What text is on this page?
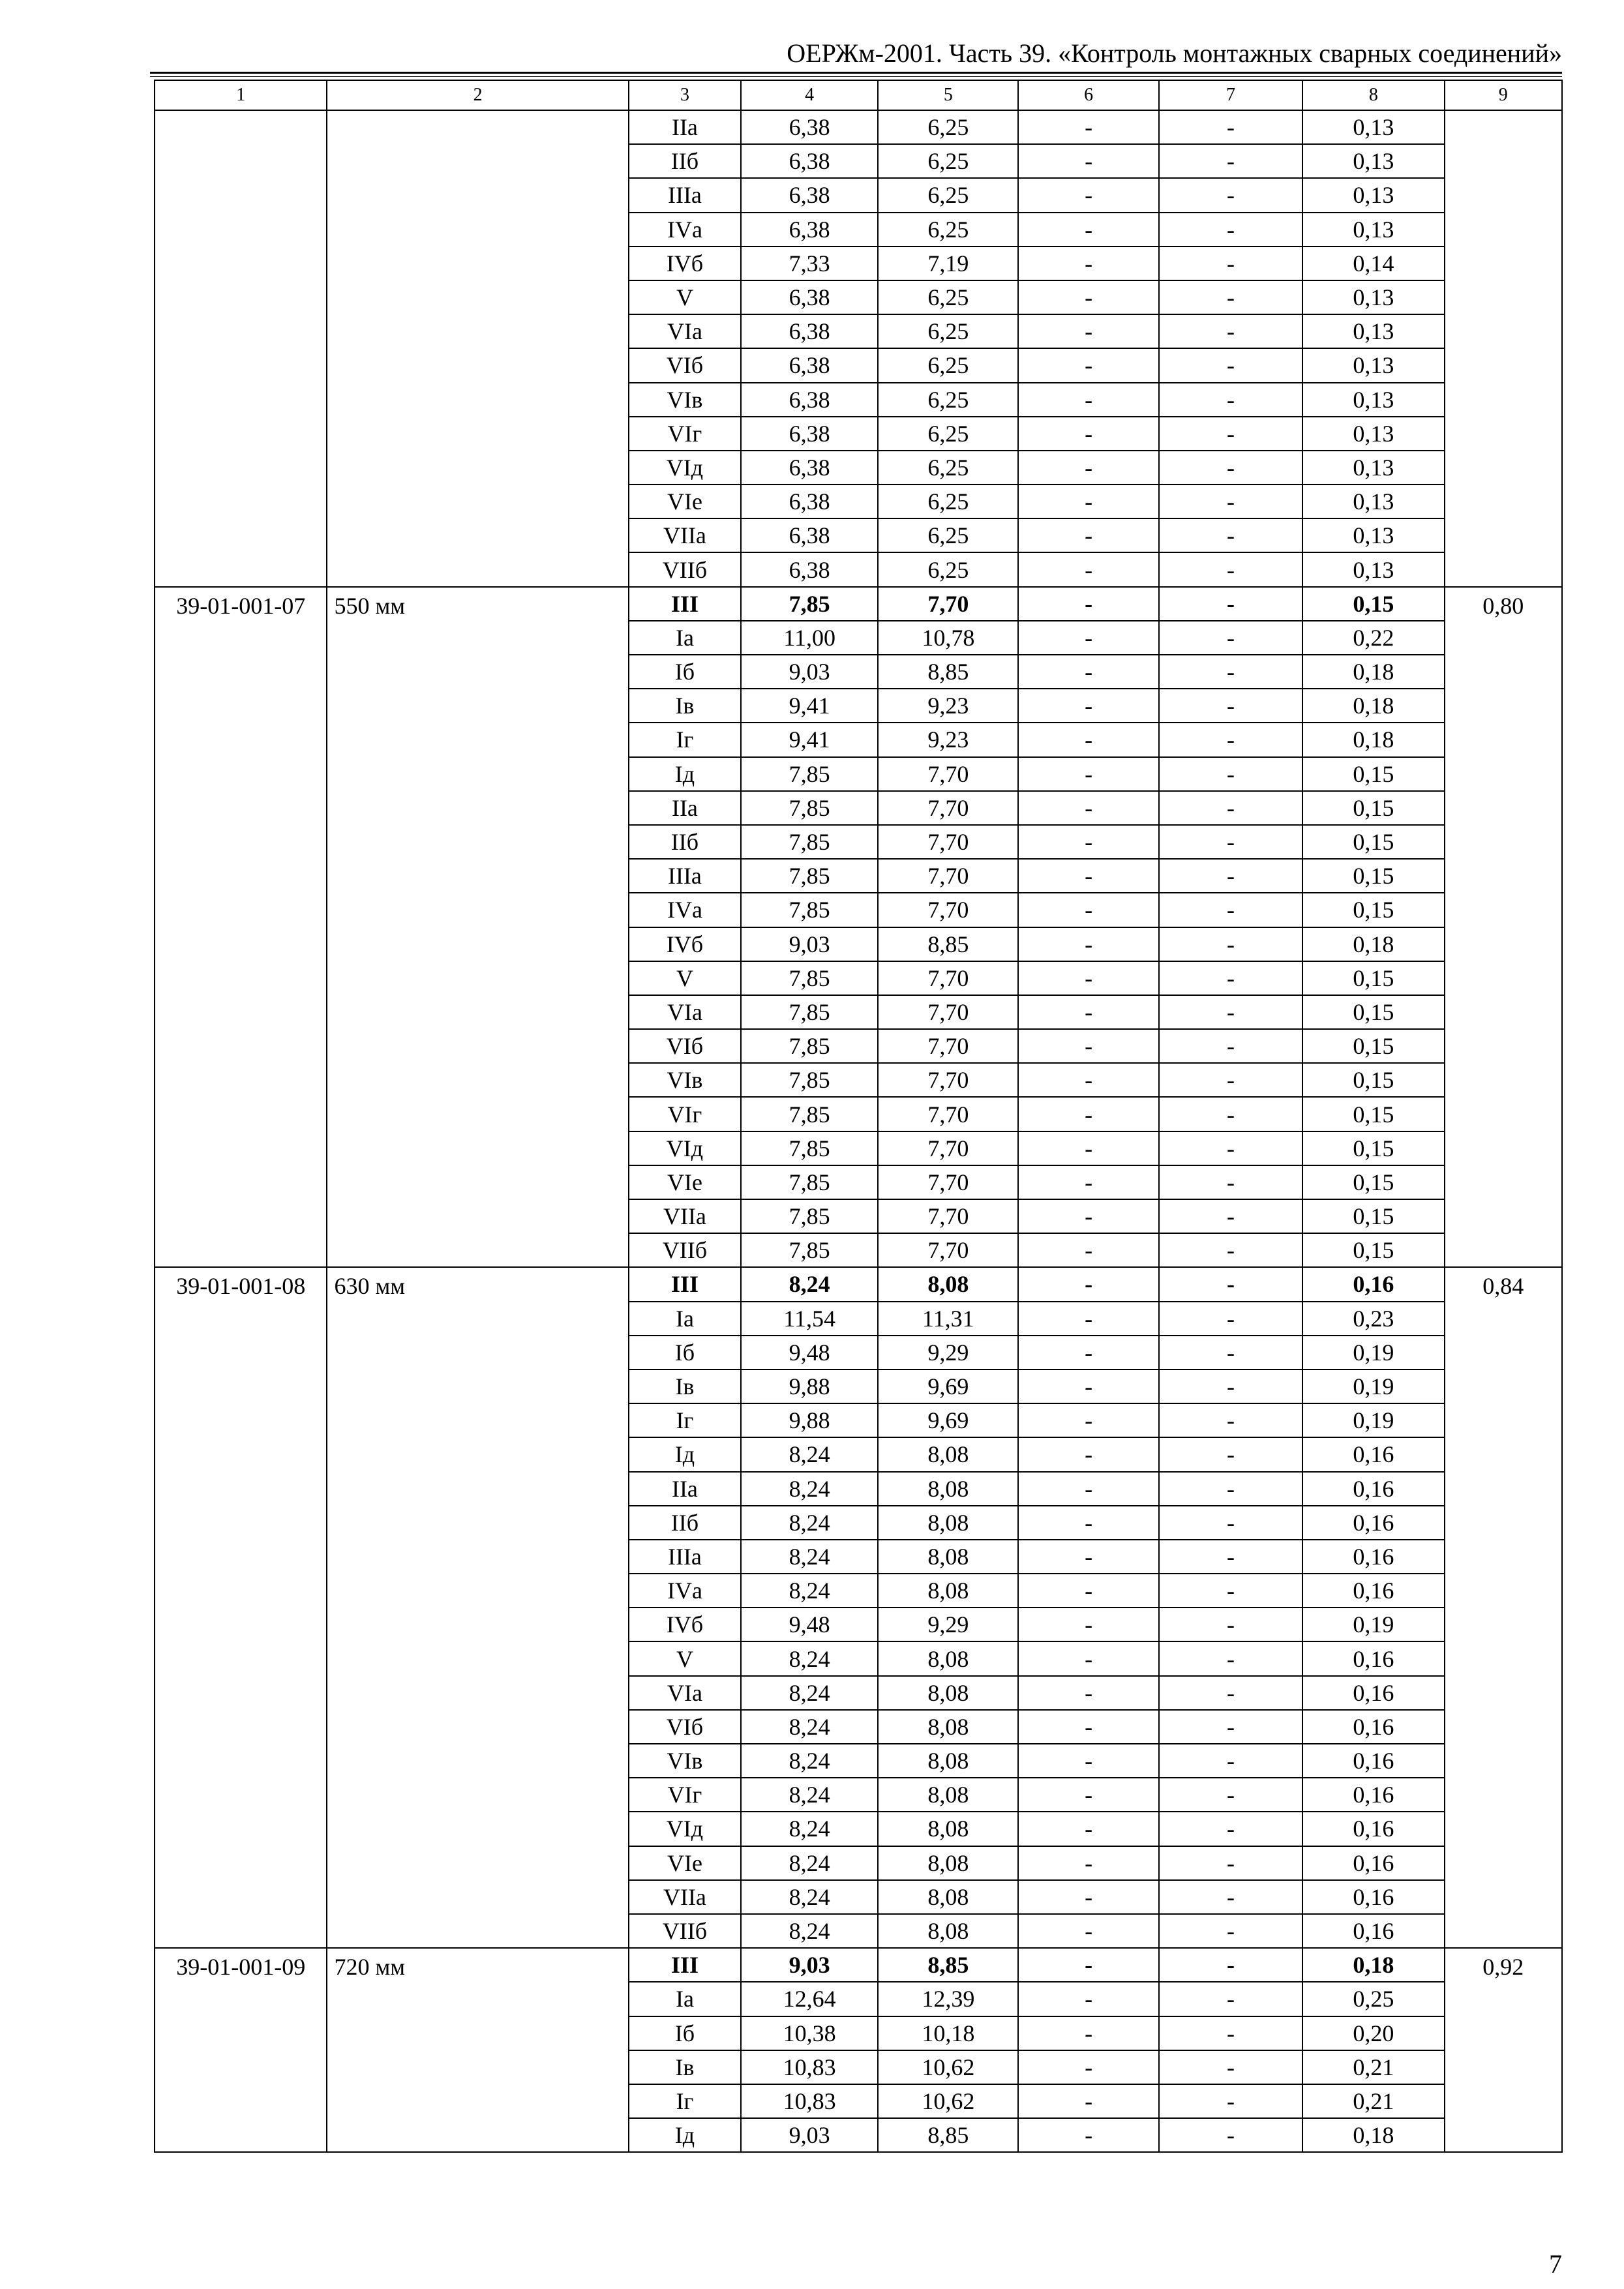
ОЕРЖм-2001. Часть 39. «Контроль монтажных сварных соединений»
1	2	3	4	5	6	7	8	9
		IIа	6,38	6,25	-	-	0,13	
		IIб	6,38	6,25	-	-	0,13	
		IIIа	6,38	6,25	-	-	0,13	
		IVа	6,38	6,25	-	-	0,13	
		IVб	7,33	7,19	-	-	0,14	
		V	6,38	6,25	-	-	0,13	
		VIа	6,38	6,25	-	-	0,13	
		VIб	6,38	6,25	-	-	0,13	
		VIв	6,38	6,25	-	-	0,13	
		VIг	6,38	6,25	-	-	0,13	
		VIд	6,38	6,25	-	-	0,13	
		VIе	6,38	6,25	-	-	0,13	
		VIIа	6,38	6,25	-	-	0,13	
		VIIб	6,38	6,25	-	-	0,13	
39-01-001-07	550 мм	III	7,85	7,70	-	-	0,15	0,80
		Iа	11,00	10,78	-	-	0,22	
		Iб	9,03	8,85	-	-	0,18	
		Iв	9,41	9,23	-	-	0,18	
		Iг	9,41	9,23	-	-	0,18	
		Iд	7,85	7,70	-	-	0,15	
		IIа	7,85	7,70	-	-	0,15	
		IIб	7,85	7,70	-	-	0,15	
		IIIа	7,85	7,70	-	-	0,15	
		IVа	7,85	7,70	-	-	0,15	
		IVб	9,03	8,85	-	-	0,18	
		V	7,85	7,70	-	-	0,15	
		VIа	7,85	7,70	-	-	0,15	
		VIб	7,85	7,70	-	-	0,15	
		VIв	7,85	7,70	-	-	0,15	
		VIг	7,85	7,70	-	-	0,15	
		VIд	7,85	7,70	-	-	0,15	
		VIе	7,85	7,70	-	-	0,15	
		VIIа	7,85	7,70	-	-	0,15	
		VIIб	7,85	7,70	-	-	0,15	
39-01-001-08	630 мм	III	8,24	8,08	-	-	0,16	0,84
		Iа	11,54	11,31	-	-	0,23	
		Iб	9,48	9,29	-	-	0,19	
		Iв	9,88	9,69	-	-	0,19	
		Iг	9,88	9,69	-	-	0,19	
		Iд	8,24	8,08	-	-	0,16	
		IIа	8,24	8,08	-	-	0,16	
		IIб	8,24	8,08	-	-	0,16	
		IIIа	8,24	8,08	-	-	0,16	
		IVа	8,24	8,08	-	-	0,16	
		IVб	9,48	9,29	-	-	0,19	
		V	8,24	8,08	-	-	0,16	
		VIа	8,24	8,08	-	-	0,16	
		VIб	8,24	8,08	-	-	0,16	
		VIв	8,24	8,08	-	-	0,16	
		VIг	8,24	8,08	-	-	0,16	
		VIд	8,24	8,08	-	-	0,16	
		VIе	8,24	8,08	-	-	0,16	
		VIIа	8,24	8,08	-	-	0,16	
		VIIб	8,24	8,08	-	-	0,16	
39-01-001-09	720 мм	III	9,03	8,85	-	-	0,18	0,92
		Iа	12,64	12,39	-	-	0,25	
		Iб	10,38	10,18	-	-	0,20	
		Iв	10,83	10,62	-	-	0,21	
		Iг	10,83	10,62	-	-	0,21	
		Iд	9,03	8,85	-	-	0,18	
7
